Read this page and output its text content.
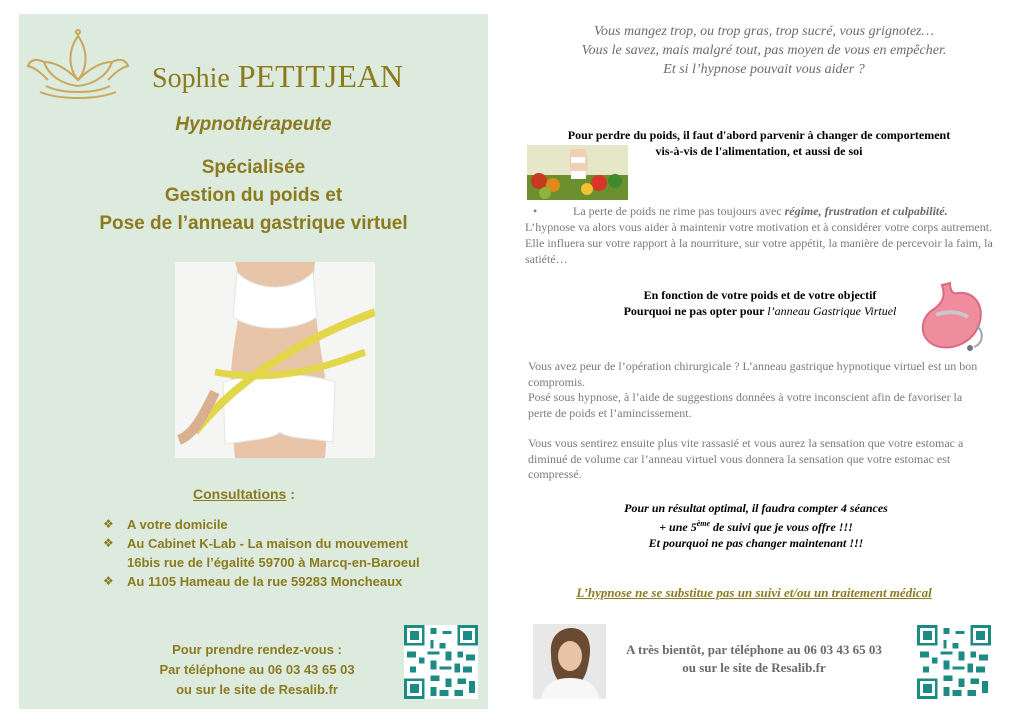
Sophie PETITJEAN
Hypnothérapeute
Spécialisée
Gestion du poids et
Pose de l’anneau gastrique virtuel
Consultations :
❖ A votre domicile
❖ Au Cabinet K-Lab - La maison du mouvement
16bis rue de l’égalité 59700 à Marcq-en-Baroeul
❖ Au 1105 Hameau de la rue 59283 Moncheaux
Pour prendre rendez-vous :
Par téléphone au 06 03 43 65 03
ou sur le site de Resalib.fr
Vous mangez trop, ou trop gras, trop sucré, vous grignotez…
Vous le savez, mais malgré tout, pas moyen de vous en empêcher.
Et si l’hypnose pouvait vous aider ?
Pour perdre du poids, il faut d'abord parvenir à changer de comportement
vis-à-vis de l'alimentation, et aussi de soi
•	La perte de poids ne rime pas toujours avec régime, frustration et culpabilité.
L’hypnose va alors vous aider à maintenir votre motivation et à considérer votre corps autrement. Elle influera sur votre rapport à la nourriture, sur votre appétit, la manière de percevoir la faim, la satiété…
En fonction de votre poids et de votre objectif
Pourquoi ne pas opter pour l’anneau Gastrique Virtuel
Vous avez peur de l’opération chirurgicale ? L’anneau gastrique hypnotique virtuel est un bon compromis.
Posé sous hypnose, à l’aide de suggestions données à votre inconscient afin de favoriser la perte de poids et l’amincissement.
Vous vous sentirez ensuite plus vite rassasié et vous aurez la sensation que votre estomac a diminué de volume car l’anneau virtuel vous donnera la sensation que votre estomac est compressé.
Pour un résultat optimal, il faudra compter 4 séances
+ une 5ème de suivi que je vous offre !!!
Et pourquoi ne pas changer maintenant !!!
L’hypnose ne se substitue pas un suivi et/ou un traitement médical
A très bientôt, par téléphone au 06 03 43 65 03
ou sur le site de Resalib.fr
